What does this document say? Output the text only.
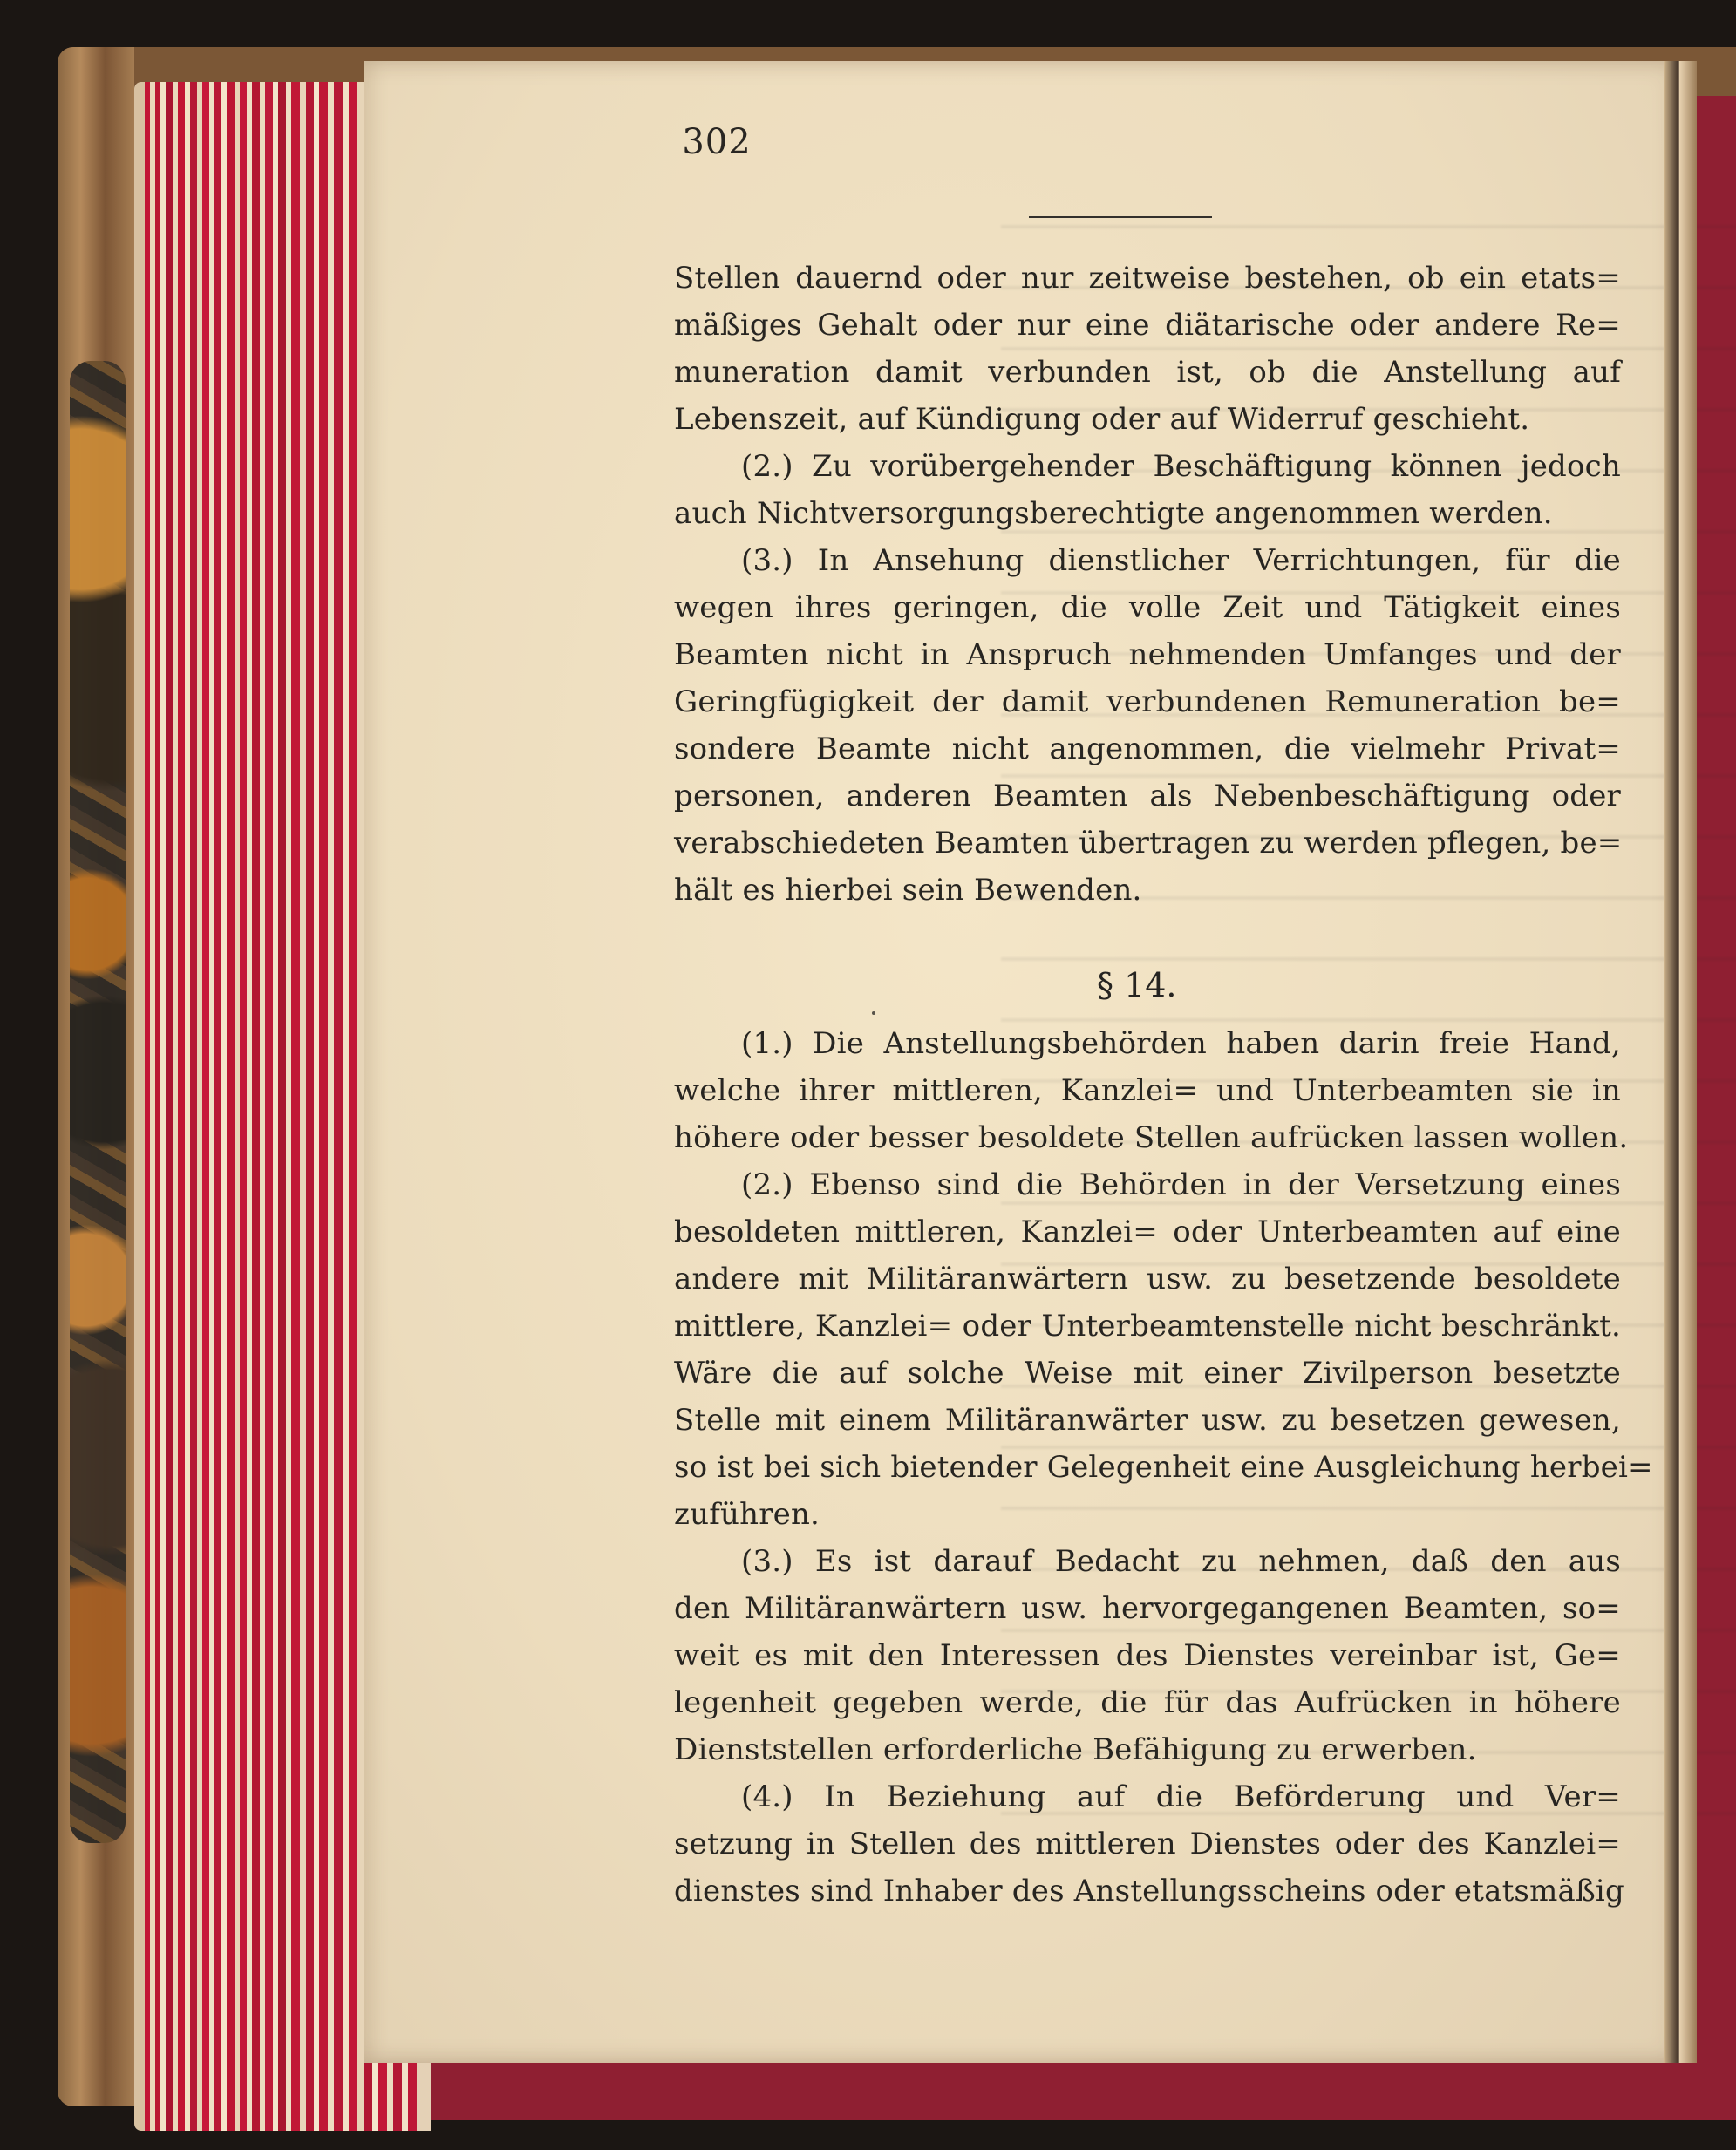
302
Stellen dauernd oder nur zeitweise bestehen, ob ein etats=
mäßiges Gehalt oder nur eine diätarische oder andere Re=
muneration damit verbunden ist, ob die Anstellung auf
Lebenszeit, auf Kündigung oder auf Widerruf geschieht.
(2.) Zu vorübergehender Beschäftigung können jedoch
auch Nichtversorgungsberechtigte angenommen werden.
(3.) In Ansehung dienstlicher Verrichtungen, für die
wegen ihres geringen, die volle Zeit und Tätigkeit eines
Beamten nicht in Anspruch nehmenden Umfanges und der
Geringfügigkeit der damit verbundenen Remuneration be=
sondere Beamte nicht angenommen, die vielmehr Privat=
personen, anderen Beamten als Nebenbeschäftigung oder
verabschiedeten Beamten übertragen zu werden pflegen, be=
hält es hierbei sein Bewenden.
§ 14.
(1.) Die Anstellungsbehörden haben darin freie Hand,
welche ihrer mittleren, Kanzlei= und Unterbeamten sie in
höhere oder besser besoldete Stellen aufrücken lassen wollen.
(2.) Ebenso sind die Behörden in der Versetzung eines
besoldeten mittleren, Kanzlei= oder Unterbeamten auf eine
andere mit Militäranwärtern usw. zu besetzende besoldete
mittlere, Kanzlei= oder Unterbeamtenstelle nicht beschränkt.
Wäre die auf solche Weise mit einer Zivilperson besetzte
Stelle mit einem Militäranwärter usw. zu besetzen gewesen,
so ist bei sich bietender Gelegenheit eine Ausgleichung herbei=
zuführen.
(3.) Es ist darauf Bedacht zu nehmen, daß den aus
den Militäranwärtern usw. hervorgegangenen Beamten, so=
weit es mit den Interessen des Dienstes vereinbar ist, Ge=
legenheit gegeben werde, die für das Aufrücken in höhere
Dienststellen erforderliche Befähigung zu erwerben.
(4.) In Beziehung auf die Beförderung und Ver=
setzung in Stellen des mittleren Dienstes oder des Kanzlei=
dienstes sind Inhaber des Anstellungsscheins oder etatsmäßig
